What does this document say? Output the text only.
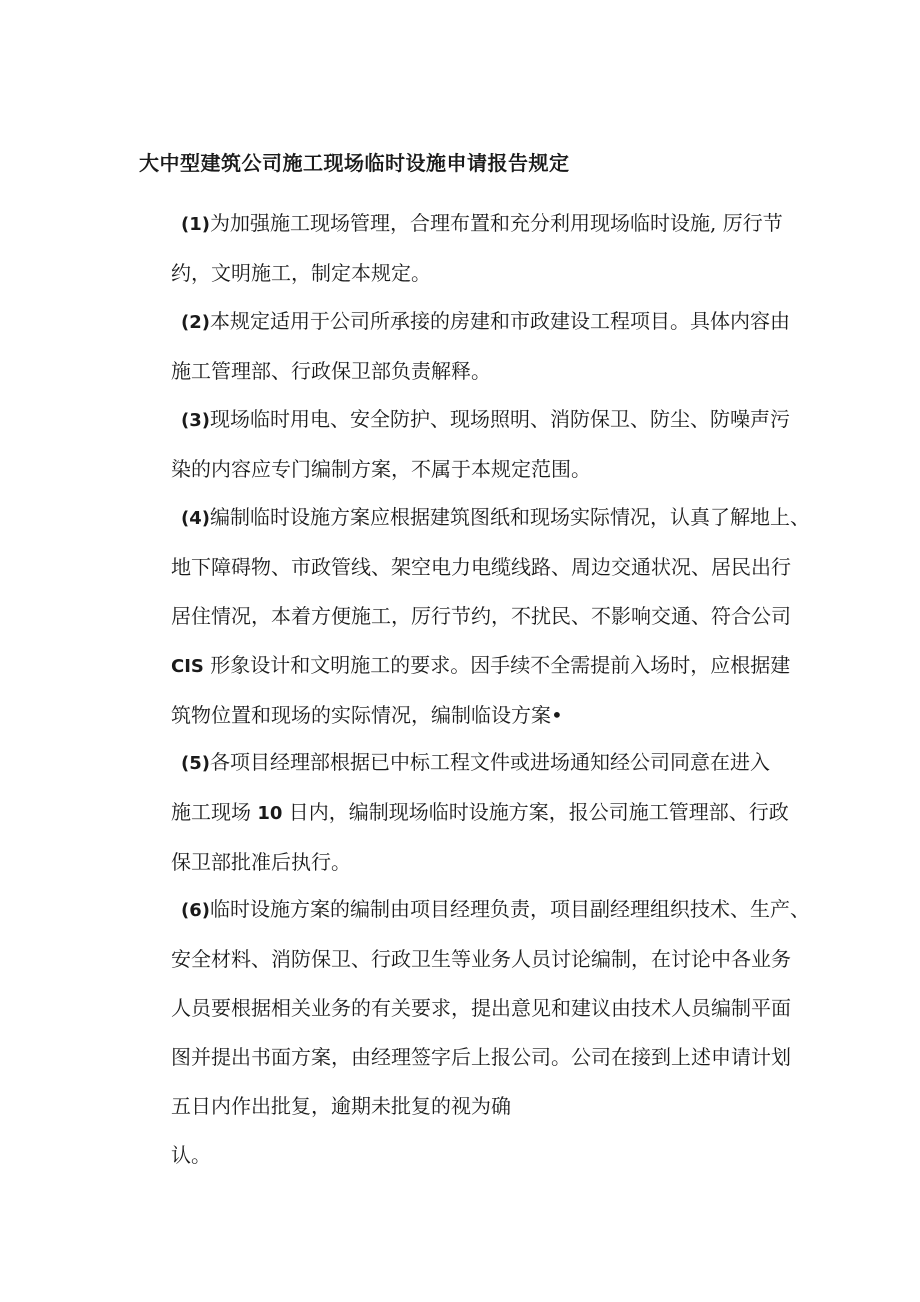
大中型建筑公司施工现场临时设施申请报告规定
(1)为加强施工现场管理，合理布置和充分利用现场临时设施, 厉行节
约，文明施工，制定本规定。
(2)本规定适用于公司所承接的房建和市政建设工程项目。具体内容由
施工管理部、行政保卫部负责解释。
(3)现场临时用电、安全防护、现场照明、消防保卫、防尘、防噪声污
染的内容应专门编制方案，不属于本规定范围。
(4)编制临时设施方案应根据建筑图纸和现场实际情况，认真了解地上、
地下障碍物、市政管线、架空电力电缆线路、周边交通状况、居民出行
居住情况，本着方便施工，厉行节约，不扰民、不影响交通、符合公司
CIS 形象设计和文明施工的要求。因手续不全需提前入场时，应根据建
筑物位置和现场的实际情况，编制临设方案•
(5)各项目经理部根据已中标工程文件或进场通知经公司同意在进入
施工现场 10 日内，编制现场临时设施方案，报公司施工管理部、行政
保卫部批准后执行。
(6)临时设施方案的编制由项目经理负责，项目副经理组织技术、生产、
安全材料、消防保卫、行政卫生等业务人员讨论编制，在讨论中各业务
人员要根据相关业务的有关要求，提出意见和建议由技术人员编制平面
图并提出书面方案，由经理签字后上报公司。公司在接到上述申请计划
五日内作出批复，逾期未批复的视为确
认。
